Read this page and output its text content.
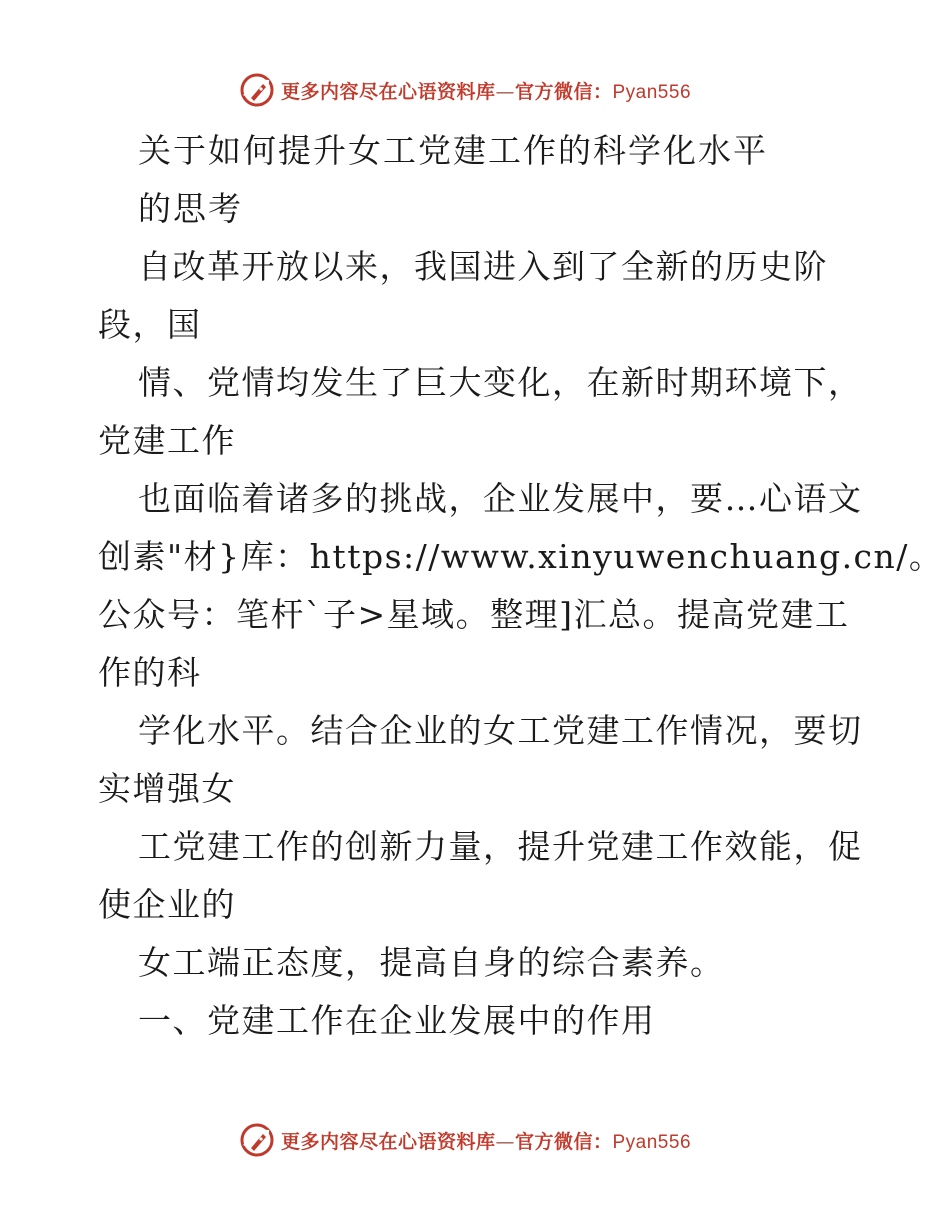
更多内容尽在心语资料库—官方微信：Pyan556
关于如何提升女工党建工作的科学化水平
的思考
自改革开放以来，我国进入到了全新的历史阶
段，国
情、党情均发生了巨大变化，在新时期环境下，
党建工作
也面临着诸多的挑战，企业发展中，要…心语文
创素"材}库：https://www.xinyuwenchuang.cn/。
公众号：笔杆`子>星域。整理]汇总。提高党建工
作的科
学化水平。结合企业的女工党建工作情况，要切
实增强女
工党建工作的创新力量，提升党建工作效能，促
使企业的
女工端正态度，提高自身的综合素养。
一、党建工作在企业发展中的作用
更多内容尽在心语资料库—官方微信：Pyan556
